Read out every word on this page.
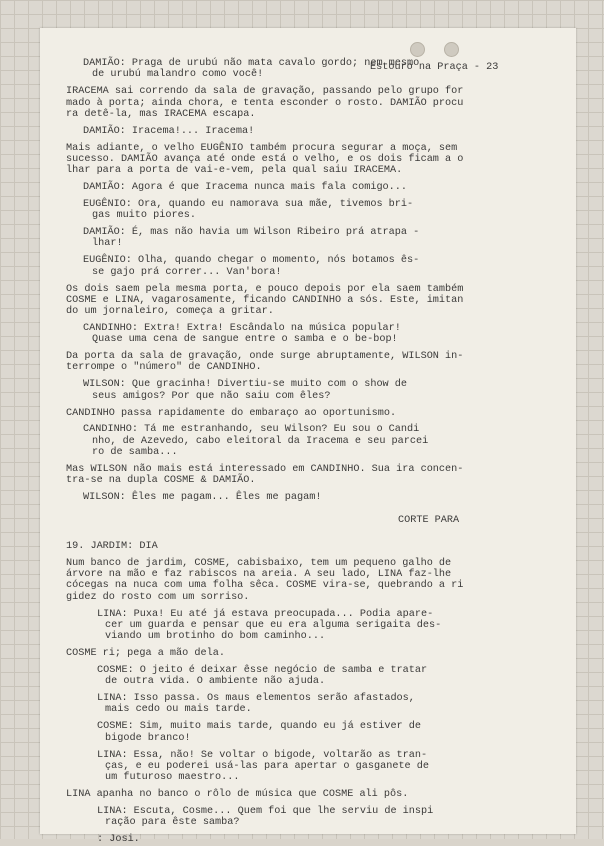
Estouro na Praça - 23
DAMIÃO: Praga de urubú não mata cavalo gordo; nem mesmo
de urubú malandro como você!
IRACEMA sai correndo da sala de gravação, passando pelo grupo for
mado à porta; ainda chora, e tenta esconder o rosto. DAMIÃO procu
ra detê-la, mas IRACEMA escapa.
DAMIÃO: Iracema!... Iracema!
Mais adiante, o velho EUGÊNIO também procura segurar a moça, sem
sucesso. DAMIÃO avança até onde está o velho, e os dois ficam a o
lhar para a porta de vai-e-vem, pela qual saiu IRACEMA.
DAMIÃO: Agora é que Iracema nunca mais fala comigo...
EUGÊNIO: Ora, quando eu namorava sua mãe, tivemos bri-
gas muito piores.
DAMIÃO: É, mas não havia um Wilson Ribeiro prá atrapa -
lhar!
EUGÊNIO: Olha, quando chegar o momento, nós botamos ês-
se gajo prá correr... Van'bora!
Os dois saem pela mesma porta, e pouco depois por ela saem também
COSME e LINA, vagarosamente, ficando CANDINHO a sós. Este, imitan
do um jornaleiro, começa a gritar.
CANDINHO: Extra! Extra! Escândalo na música popular!
Quase uma cena de sangue entre o samba e o be-bop!
Da porta da sala de gravação, onde surge abruptamente, WILSON in-
terrompe o "número" de CANDINHO.
WILSON: Que gracinha! Divertiu-se muito com o show de
seus amigos? Por que não saiu com êles?
CANDINHO passa rapidamente do embaraço ao oportunismo.
CANDINHO: Tá me estranhando, seu Wilson? Eu sou o Candi
nho, de Azevedo, cabo eleitoral da Iracema e seu parcei
ro de samba...
Mas WILSON não mais está interessado em CANDINHO. Sua ira concen-
tra-se na dupla COSME & DAMIÃO.
WILSON: Êles me pagam... Êles me pagam!
CORTE PARA
19. JARDIM: DIA
Num banco de jardim, COSME, cabisbaixo, tem um pequeno galho de
árvore na mão e faz rabiscos na areia. A seu lado, LINA faz-lhe
cócegas na nuca com uma folha sêca. COSME vira-se, quebrando a ri
gidez do rosto com um sorriso.
LINA: Puxa! Eu até já estava preocupada... Podia apare-
cer um guarda e pensar que eu era alguma serigaita des-
viando um brotinho do bom caminho...
COSME ri; pega a mão dela.
COSME: O jeito é deixar êsse negócio de samba e tratar
de outra vida. O ambiente não ajuda.
LINA: Isso passa. Os maus elementos serão afastados,
mais cedo ou mais tarde.
COSME: Sim, muito mais tarde, quando eu já estiver de
bigode branco!
LINA: Essa, não! Se voltar o bigode, voltarão as tran-
ças, e eu poderei usá-las para apertar o gasganete de
um futuroso maestro...
LINA apanha no banco o rôlo de música que COSME ali pôs.
LINA: Escuta, Cosme... Quem foi que lhe serviu de inspi
ração para êste samba?
: Josi.
